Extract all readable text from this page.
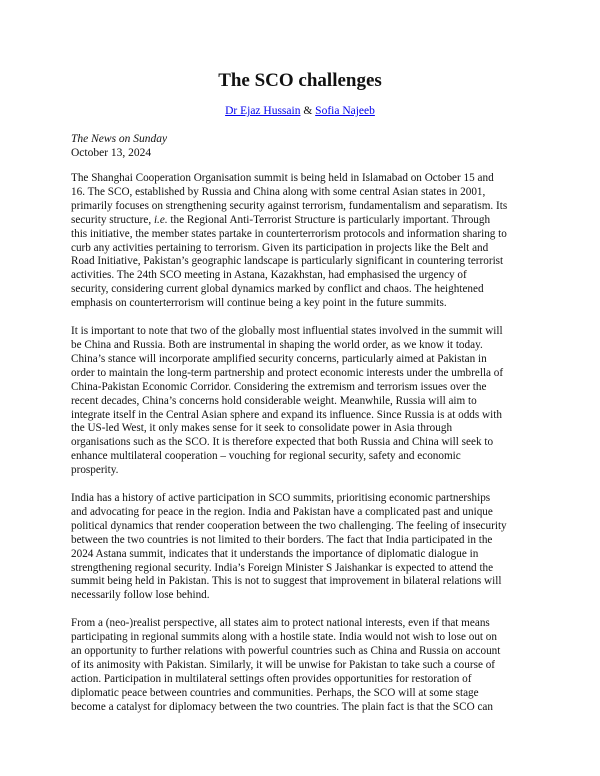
The SCO challenges
Dr Ejaz Hussain & Sofia Najeeb
The News on Sunday
October 13, 2024

The Shanghai Cooperation Organisation summit is being held in Islamabad on October 15 and
16. The SCO, established by Russia and China along with some central Asian states in 2001,
primarily focuses on strengthening security against terrorism, fundamentalism and separatism. Its
security structure, i.e. the Regional Anti-Terrorist Structure is particularly important. Through
this initiative, the member states partake in counterterrorism protocols and information sharing to
curb any activities pertaining to terrorism. Given its participation in projects like the Belt and
Road Initiative, Pakistan’s geographic landscape is particularly significant in countering terrorist
activities. The 24th SCO meeting in Astana, Kazakhstan, had emphasised the urgency of
security, considering current global dynamics marked by conflict and chaos. The heightened
emphasis on counterterrorism will continue being a key point in the future summits.

It is important to note that two of the globally most influential states involved in the summit will
be China and Russia. Both are instrumental in shaping the world order, as we know it today.
China’s stance will incorporate amplified security concerns, particularly aimed at Pakistan in
order to maintain the long-term partnership and protect economic interests under the umbrella of
China-Pakistan Economic Corridor. Considering the extremism and terrorism issues over the
recent decades, China’s concerns hold considerable weight. Meanwhile, Russia will aim to
integrate itself in the Central Asian sphere and expand its influence. Since Russia is at odds with
the US-led West, it only makes sense for it seek to consolidate power in Asia through
organisations such as the SCO. It is therefore expected that both Russia and China will seek to
enhance multilateral cooperation – vouching for regional security, safety and economic
prosperity.

India has a history of active participation in SCO summits, prioritising economic partnerships
and advocating for peace in the region. India and Pakistan have a complicated past and unique
political dynamics that render cooperation between the two challenging. The feeling of insecurity
between the two countries is not limited to their borders. The fact that India participated in the
2024 Astana summit, indicates that it understands the importance of diplomatic dialogue in
strengthening regional security. India’s Foreign Minister S Jaishankar is expected to attend the
summit being held in Pakistan. This is not to suggest that improvement in bilateral relations will
necessarily follow lose behind.

From a (neo-)realist perspective, all states aim to protect national interests, even if that means
participating in regional summits along with a hostile state. India would not wish to lose out on
an opportunity to further relations with powerful countries such as China and Russia on account
of its animosity with Pakistan. Similarly, it will be unwise for Pakistan to take such a course of
action. Participation in multilateral settings often provides opportunities for restoration of
diplomatic peace between countries and communities. Perhaps, the SCO will at some stage
become a catalyst for diplomacy between the two countries. The plain fact is that the SCO can
